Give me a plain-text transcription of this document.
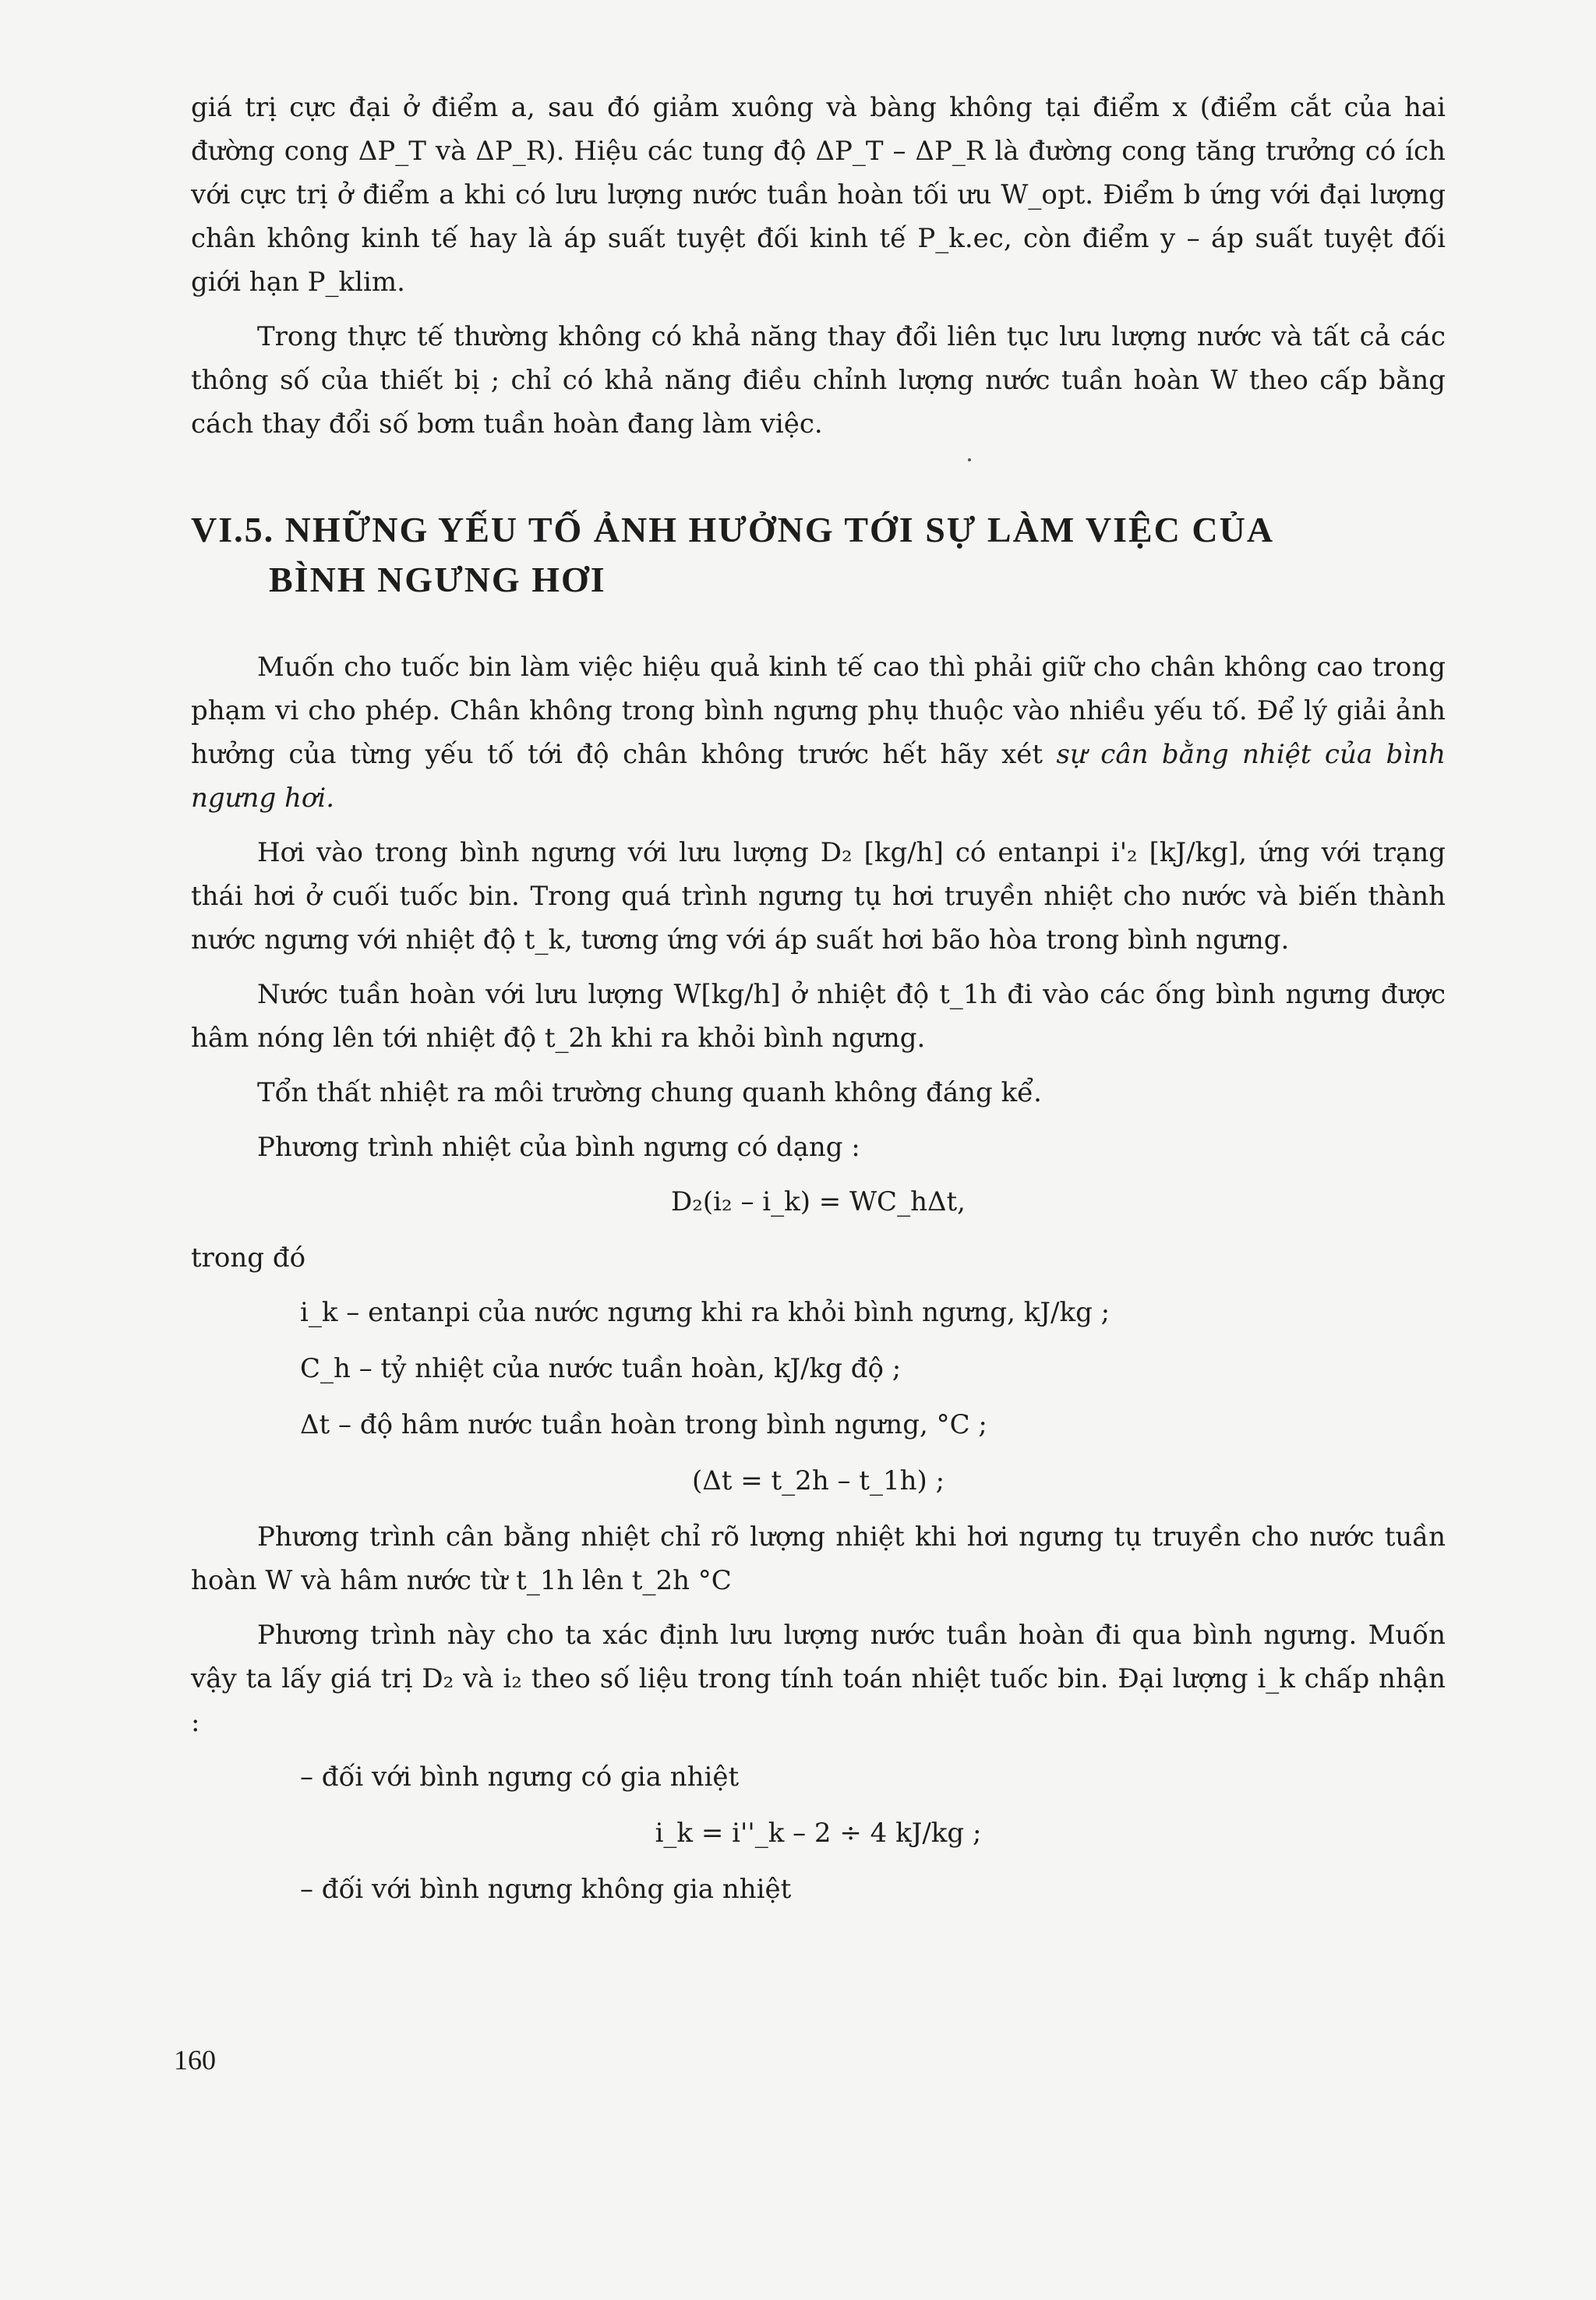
giá trị cực đại ở điểm a, sau đó giảm xuông và bàng không tại điểm x (điểm cắt của hai đường cong ΔP_T và ΔP_R). Hiệu các tung độ ΔP_T – ΔP_R là đường cong tăng trưởng có ích với cực trị ở điểm a khi có lưu lượng nước tuần hoàn tối ưu W_opt. Điểm b ứng với đại lượng chân không kinh tế hay là áp suất tuyệt đối kinh tế P_k.ec, còn điểm y – áp suất tuyệt đối giới hạn P_klim.

Trong thực tế thường không có khả năng thay đổi liên tục lưu lượng nước và tất cả các thông số của thiết bị ; chỉ có khả năng điều chỉnh lượng nước tuần hoàn W theo cấp bằng cách thay đổi số bơm tuần hoàn đang làm việc.

VI.5. NHỮNG YẾU TỐ ẢNH HƯỞNG TỚI SỰ LÀM VIỆC CỦA
BÌNH NGƯNG HƠI

Muốn cho tuốc bin làm việc hiệu quả kinh tế cao thì phải giữ cho chân không cao trong phạm vi cho phép. Chân không trong bình ngưng phụ thuộc vào nhiều yếu tố. Để lý giải ảnh hưởng của từng yếu tố tới độ chân không trước hết hãy xét sự cân bằng nhiệt của bình ngưng hơi.

Hơi vào trong bình ngưng với lưu lượng D₂ [kg/h] có entanpi i'₂ [kJ/kg], ứng với trạng thái hơi ở cuối tuốc bin. Trong quá trình ngưng tụ hơi truyền nhiệt cho nước và biến thành nước ngưng với nhiệt độ t_k, tương ứng với áp suất hơi bão hòa trong bình ngưng.

Nước tuần hoàn với lưu lượng W[kg/h] ở nhiệt độ t_1h đi vào các ống bình ngưng được hâm nóng lên tới nhiệt độ t_2h khi ra khỏi bình ngưng.

Tổn thất nhiệt ra môi trường chung quanh không đáng kể.

Phương trình nhiệt của bình ngưng có dạng :

D₂(i₂ – i_k) = WC_hΔt,

trong đó

i_k – entanpi của nước ngưng khi ra khỏi bình ngưng, kJ/kg ;

C_h – tỷ nhiệt của nước tuần hoàn, kJ/kg độ ;

Δt – độ hâm nước tuần hoàn trong bình ngưng, °C ;

(Δt = t_2h – t_1h) ;

Phương trình cân bằng nhiệt chỉ rõ lượng nhiệt khi hơi ngưng tụ truyền cho nước tuần hoàn W và hâm nước từ t_1h lên t_2h °C

Phương trình này cho ta xác định lưu lượng nước tuần hoàn đi qua bình ngưng. Muốn vậy ta lấy giá trị D₂ và i₂ theo số liệu trong tính toán nhiệt tuốc bin. Đại lượng i_k chấp nhận :

– đối với bình ngưng có gia nhiệt

i_k = i''_k – 2 ÷ 4 kJ/kg ;

– đối với bình ngưng không gia nhiệt

160
